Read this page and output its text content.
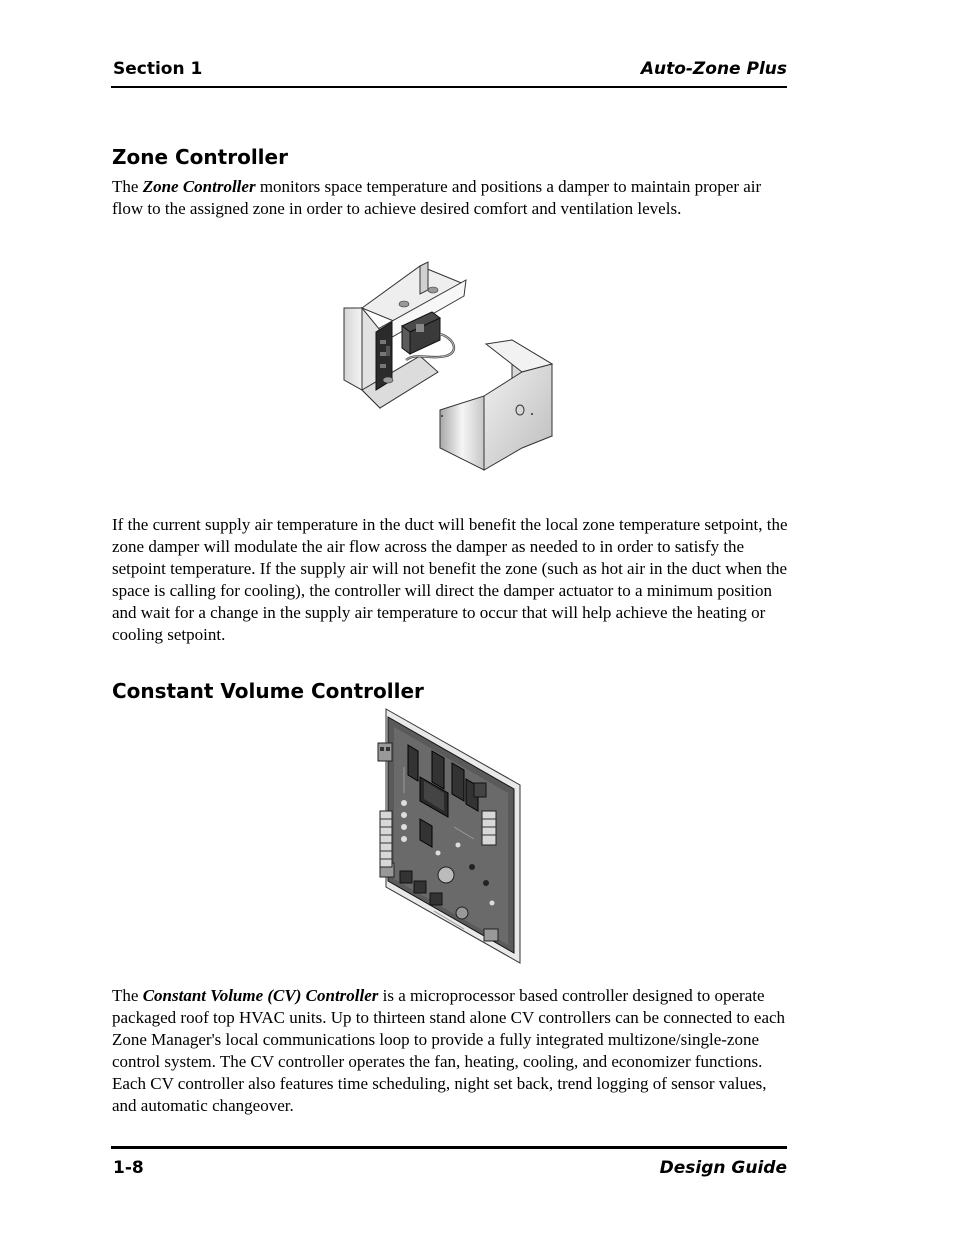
Section 1	Auto-Zone Plus
Zone Controller

The Zone Controller monitors space temperature and positions a damper to maintain proper air flow to the assigned zone in order to achieve desired comfort and ventilation levels.

If the current supply air temperature in the duct will benefit the local zone temperature setpoint, the zone damper will modulate the air flow across the damper as needed to in order to satisfy the setpoint temperature. If the supply air will not benefit the zone (such as hot air in the duct when the space is calling for cooling), the controller will direct the damper actuator to a minimum position and wait for a change in the supply air temperature to occur that will help achieve the heating or cooling setpoint.

Constant Volume Controller

The Constant Volume (CV) Controller is a microprocessor based controller designed to operate packaged roof top HVAC units. Up to thirteen stand alone CV controllers can be connected to each Zone Manager's local communications loop to provide a fully integrated multizone/single-zone control system. The CV controller operates the fan, heating, cooling, and economizer functions. Each CV controller also features time scheduling, night set back, trend logging of sensor values, and automatic changeover.

1-8	Design Guide
